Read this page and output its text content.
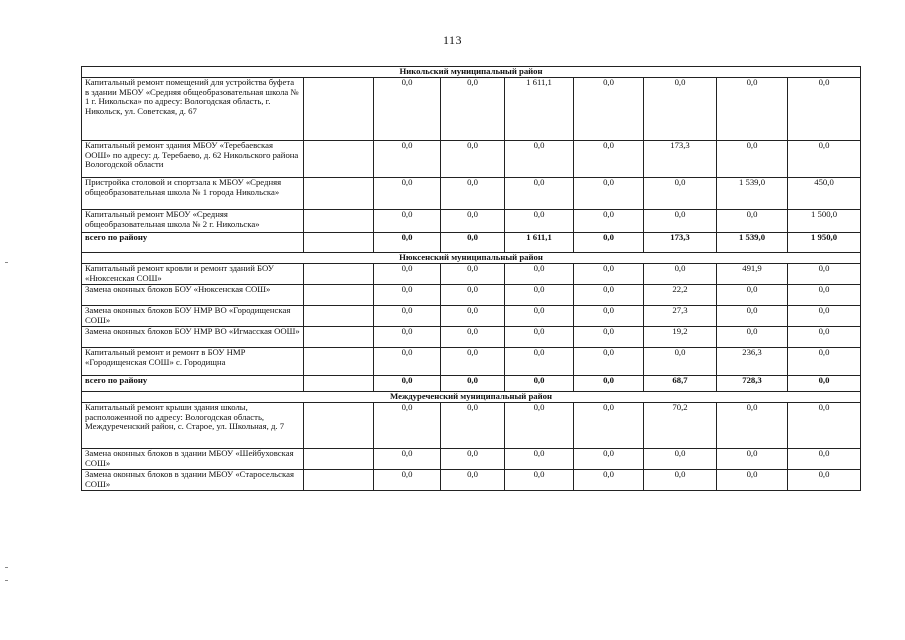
113
Никольский муниципальный район									
Капитальный ремонт помещений для устройства буфета в здании МБОУ «Средняя общеобразовательная школа № 1 г. Никольска» по адресу: Вологодская область, г. Никольск, ул. Советская, д. 67		0,0	0,0	1 611,1	0,0	0,0	0,0	0,0	
Капитальный ремонт здания МБОУ «Теребаевская ООШ» по адресу: д. Теребаево, д. 62 Никольского района Вологодской области		0,0	0,0	0,0	0,0	173,3	0,0	0,0	
Пристройка столовой и спортзала к МБОУ «Средняя общеобразовательная школа № 1 города Никольска»		0,0	0,0	0,0	0,0	0,0	1 539,0	450,0	
Капитальный ремонт МБОУ «Средняя общеобразовательная школа № 2 г. Никольска»		0,0	0,0	0,0	0,0	0,0	0,0	1 500,0	
всего по району		0,0	0,0	1 611,1	0,0	173,3	1 539,0	1 950,0	
Нюксенский муниципальный район									
Капитальный ремонт кровли и ремонт зданий БОУ «Нюксенская СОШ»		0,0	0,0	0,0	0,0	0,0	491,9	0,0	
Замена оконных блоков БОУ «Нюксенская СОШ»		0,0	0,0	0,0	0,0	22,2	0,0	0,0	
Замена оконных блоков БОУ НМР ВО «Городищенская СОШ»		0,0	0,0	0,0	0,0	27,3	0,0	0,0	
Замена оконных блоков БОУ НМР ВО «Игмасская ООШ»		0,0	0,0	0,0	0,0	19,2	0,0	0,0	
Капитальный ремонт и ремонт в БОУ НМР «Городищенская СОШ» с. Городищна		0,0	0,0	0,0	0,0	0,0	236,3	0,0	
всего по району		0,0	0,0	0,0	0,0	68,7	728,3	0,0	
Междуреченский муниципальный район									
Капитальный ремонт крыши здания школы, расположенной по адресу: Вологодская область, Междуреченский район, с. Старое, ул. Школьная, д. 7		0,0	0,0	0,0	0,0	70,2	0,0	0,0	
Замена оконных блоков в здании МБОУ «Шейбуховская СОШ»		0,0	0,0	0,0	0,0	0,0	0,0	0,0	
Замена оконных блоков в здании МБОУ «Старосельская СОШ»		0,0	0,0	0,0	0,0	0,0	0,0	0,0	
